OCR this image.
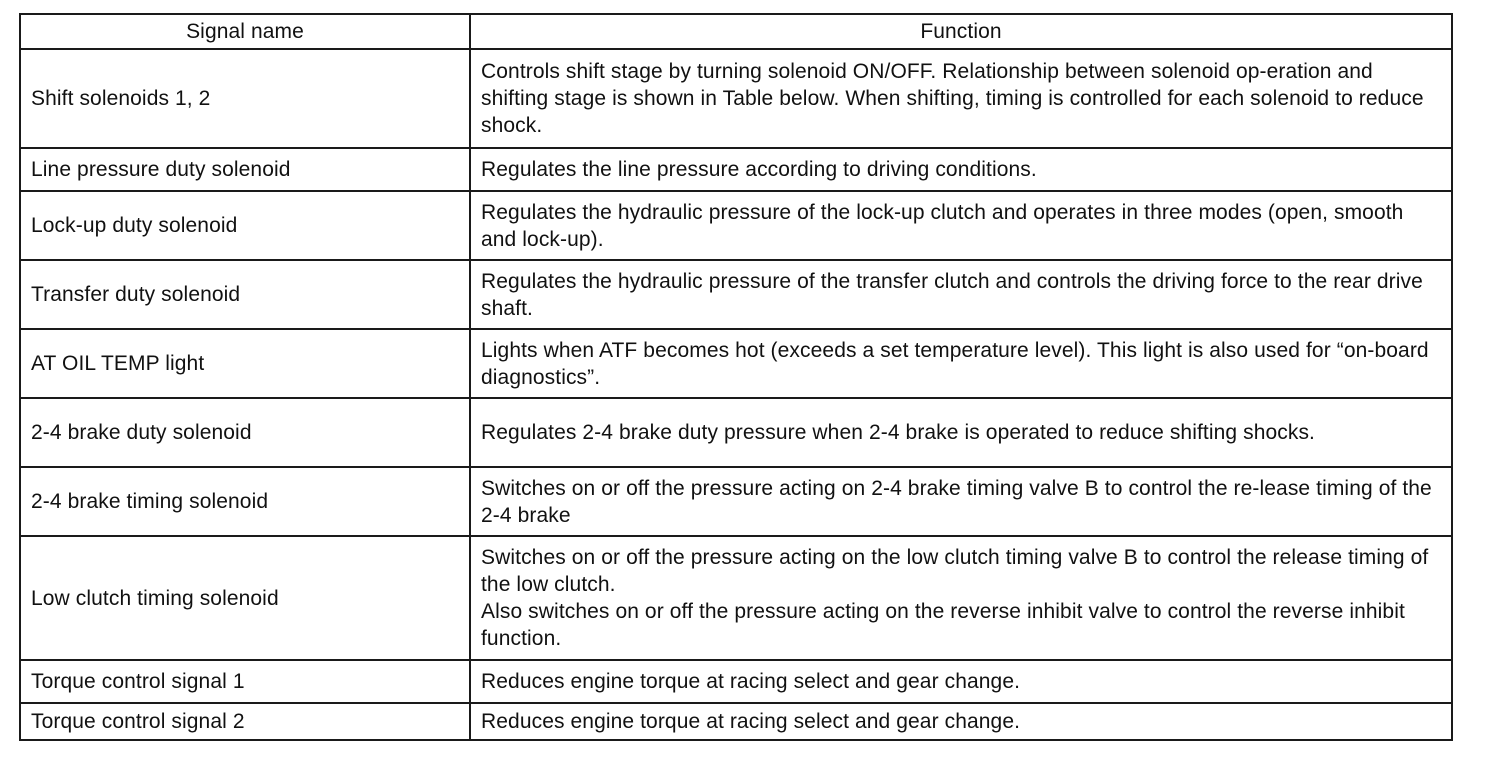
Signal name	Function
Shift solenoids 1, 2	Controls shift stage by turning solenoid ON/OFF. Relationship between solenoid op-eration and shifting stage is shown in Table below. When shifting, timing is controlled for each solenoid to reduce shock.
Line pressure duty solenoid	Regulates the line pressure according to driving conditions.
Lock-up duty solenoid	Regulates the hydraulic pressure of the lock-up clutch and operates in three modes (open, smooth and lock-up).
Transfer duty solenoid	Regulates the hydraulic pressure of the transfer clutch and controls the driving force to the rear drive shaft.
AT OIL TEMP light	Lights when ATF becomes hot (exceeds a set temperature level). This light is also used for “on-board diagnostics”.
2-4 brake duty solenoid	Regulates 2-4 brake duty pressure when 2-4 brake is operated to reduce shifting shocks.
2-4 brake timing solenoid	Switches on or off the pressure acting on 2-4 brake timing valve B to control the re-lease timing of the 2-4 brake
Low clutch timing solenoid	Switches on or off the pressure acting on the low clutch timing valve B to control the release timing of the low clutch.
Also switches on or off the pressure acting on the reverse inhibit valve to control the reverse inhibit function.

Torque control signal 1	Reduces engine torque at racing select and gear change.
Torque control signal 2	Reduces engine torque at racing select and gear change.
